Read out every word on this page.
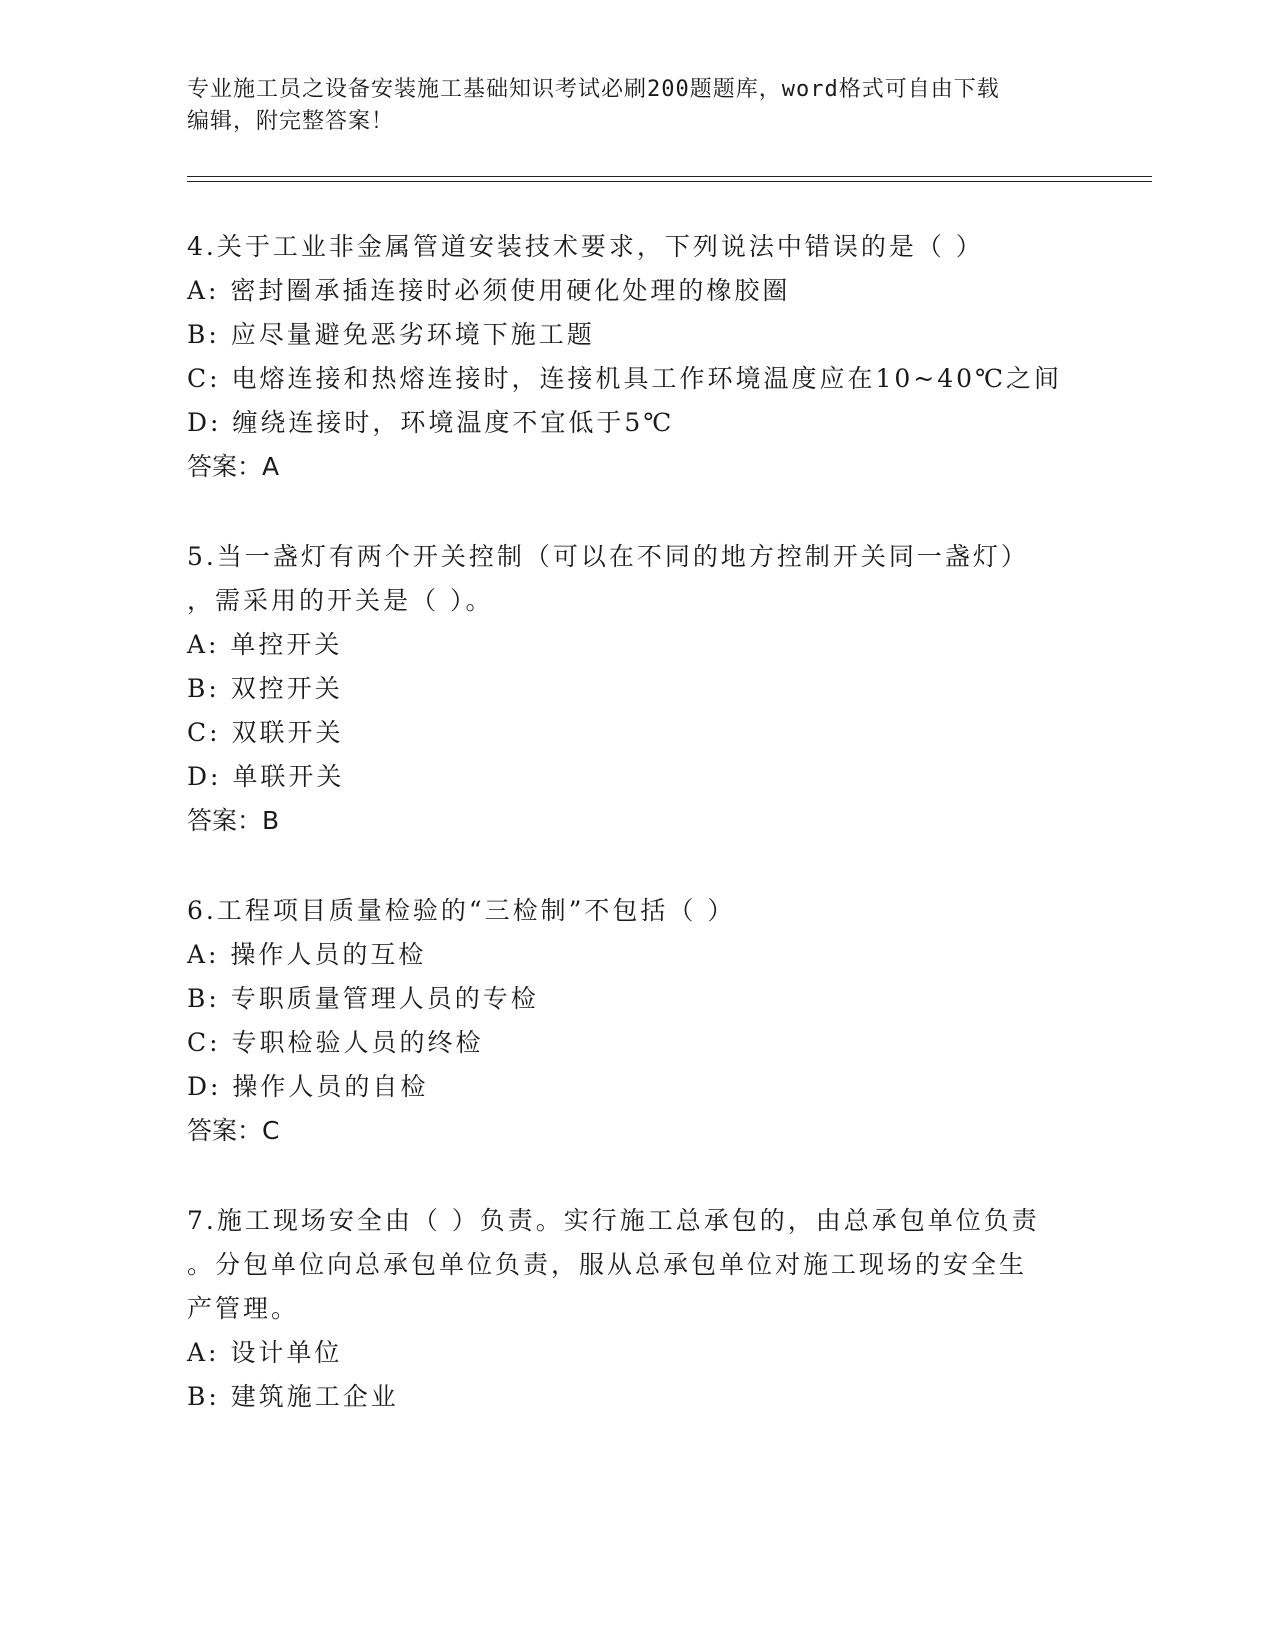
专业施工员之设备安装施工基础知识考试必刷200题题库，word格式可自由下载
编辑，附完整答案！
4.关于工业非金属管道安装技术要求，下列说法中错误的是（ ）
A: 密封圈承插连接时必须使用硬化处理的橡胶圈
B: 应尽量避免恶劣环境下施工题
C: 电熔连接和热熔连接时，连接机具工作环境温度应在10~40℃之间
D: 缠绕连接时，环境温度不宜低于5℃
答案：A
5.当一盏灯有两个开关控制（可以在不同的地方控制开关同一盏灯）
，需采用的开关是（ ）。
A: 单控开关
B: 双控开关
C: 双联开关
D: 单联开关
答案：B
6.工程项目质量检验的“三检制”不包括（ ）
A: 操作人员的互检
B: 专职质量管理人员的专检
C: 专职检验人员的终检
D: 操作人员的自检
答案：C
7.施工现场安全由（ ）负责。实行施工总承包的，由总承包单位负责
。分包单位向总承包单位负责，服从总承包单位对施工现场的安全生
产管理。
A: 设计单位
B: 建筑施工企业
